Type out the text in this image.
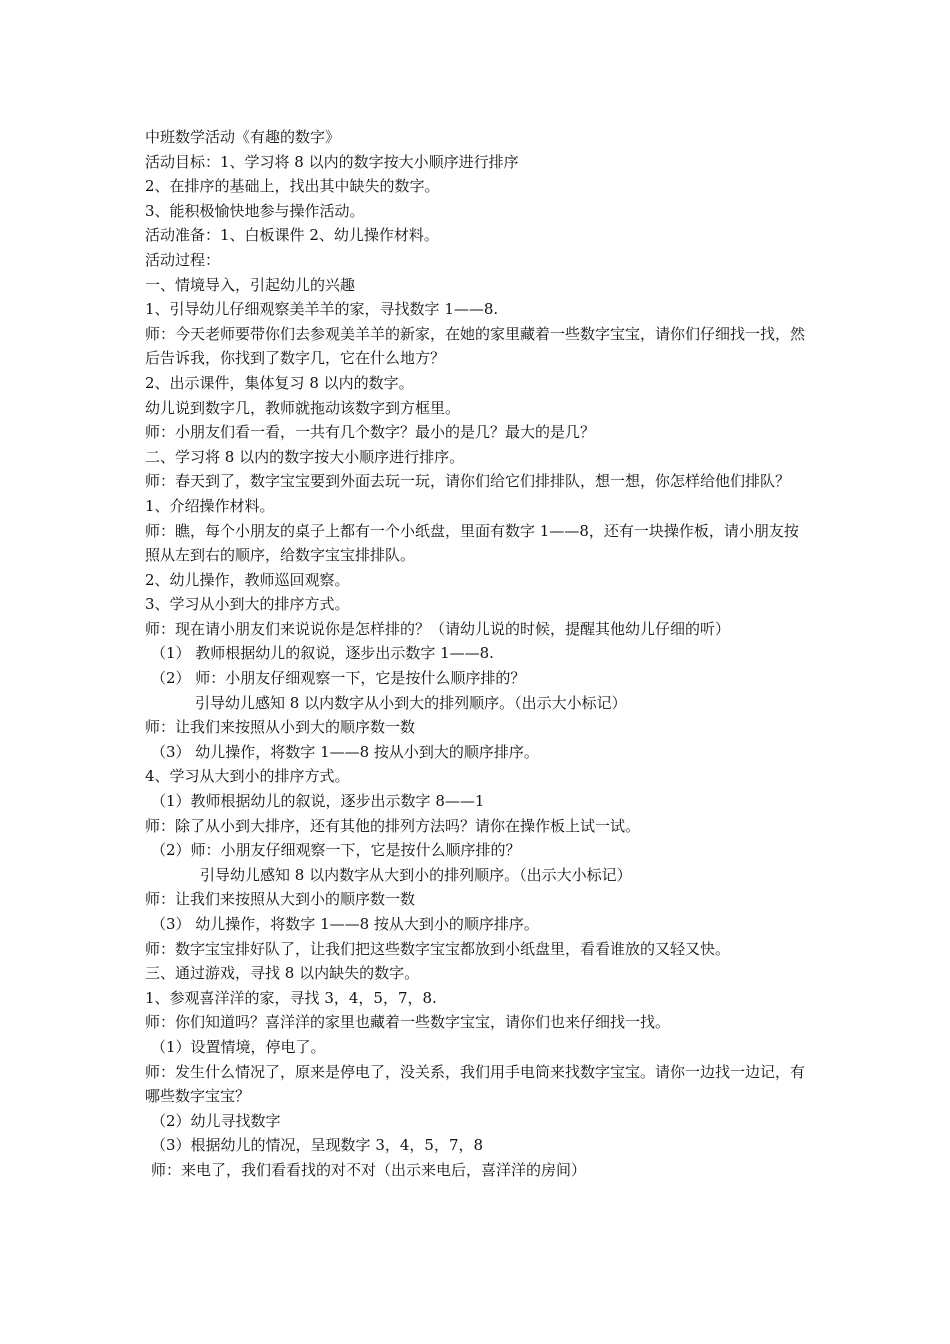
中班数学活动《有趣的数字》
活动目标：1、学习将 8 以内的数字按大小顺序进行排序
2、在排序的基础上，找出其中缺失的数字。
3、能积极愉快地参与操作活动。
活动准备：1、白板课件 2、幼儿操作材料。
活动过程：
一、情境导入，引起幼儿的兴趣
1、引导幼儿仔细观察美羊羊的家，寻找数字 1——8.
师：今天老师要带你们去参观美羊羊的新家，在她的家里藏着一些数字宝宝，请你们仔细找一找，然后告诉我，你找到了数字几，它在什么地方？
2、出示课件，集体复习 8 以内的数字。
幼儿说到数字几，教师就拖动该数字到方框里。
师：小朋友们看一看，一共有几个数字？最小的是几？最大的是几？
二、学习将 8 以内的数字按大小顺序进行排序。
师：春天到了，数字宝宝要到外面去玩一玩，请你们给它们排排队，想一想，你怎样给他们排队？
1、介绍操作材料。
师：瞧，每个小朋友的桌子上都有一个小纸盘，里面有数字 1——8，还有一块操作板，请小朋友按照从左到右的顺序，给数字宝宝排排队。
2、幼儿操作，教师巡回观察。
3、学习从小到大的排序方式。
师：现在请小朋友们来说说你是怎样排的？（请幼儿说的时候，提醒其他幼儿仔细的听）
（1） 教师根据幼儿的叙说，逐步出示数字 1——8.
（2） 师：小朋友仔细观察一下，它是按什么顺序排的？
引导幼儿感知 8 以内数字从小到大的排列顺序。（出示大小标记）
师：让我们来按照从小到大的顺序数一数
（3） 幼儿操作，将数字 1——8 按从小到大的顺序排序。
4、学习从大到小的排序方式。
（1）教师根据幼儿的叙说，逐步出示数字 8——1
师：除了从小到大排序，还有其他的排列方法吗？请你在操作板上试一试。
（2）师：小朋友仔细观察一下，它是按什么顺序排的？
引导幼儿感知 8 以内数字从大到小的排列顺序。（出示大小标记）
师：让我们来按照从大到小的顺序数一数
（3） 幼儿操作，将数字 1——8 按从大到小的顺序排序。
师：数字宝宝排好队了，让我们把这些数字宝宝都放到小纸盘里，看看谁放的又轻又快。
三、通过游戏，寻找 8 以内缺失的数字。
1、参观喜洋洋的家，寻找 3，4，5，7，8.
师：你们知道吗？喜洋洋的家里也藏着一些数字宝宝，请你们也来仔细找一找。
（1）设置情境，停电了。
师：发生什么情况了，原来是停电了，没关系，我们用手电筒来找数字宝宝。请你一边找一边记，有哪些数字宝宝？
（2）幼儿寻找数字
（3）根据幼儿的情况，呈现数字 3，4，5，7，8
师：来电了，我们看看找的对不对（出示来电后，喜洋洋的房间）
